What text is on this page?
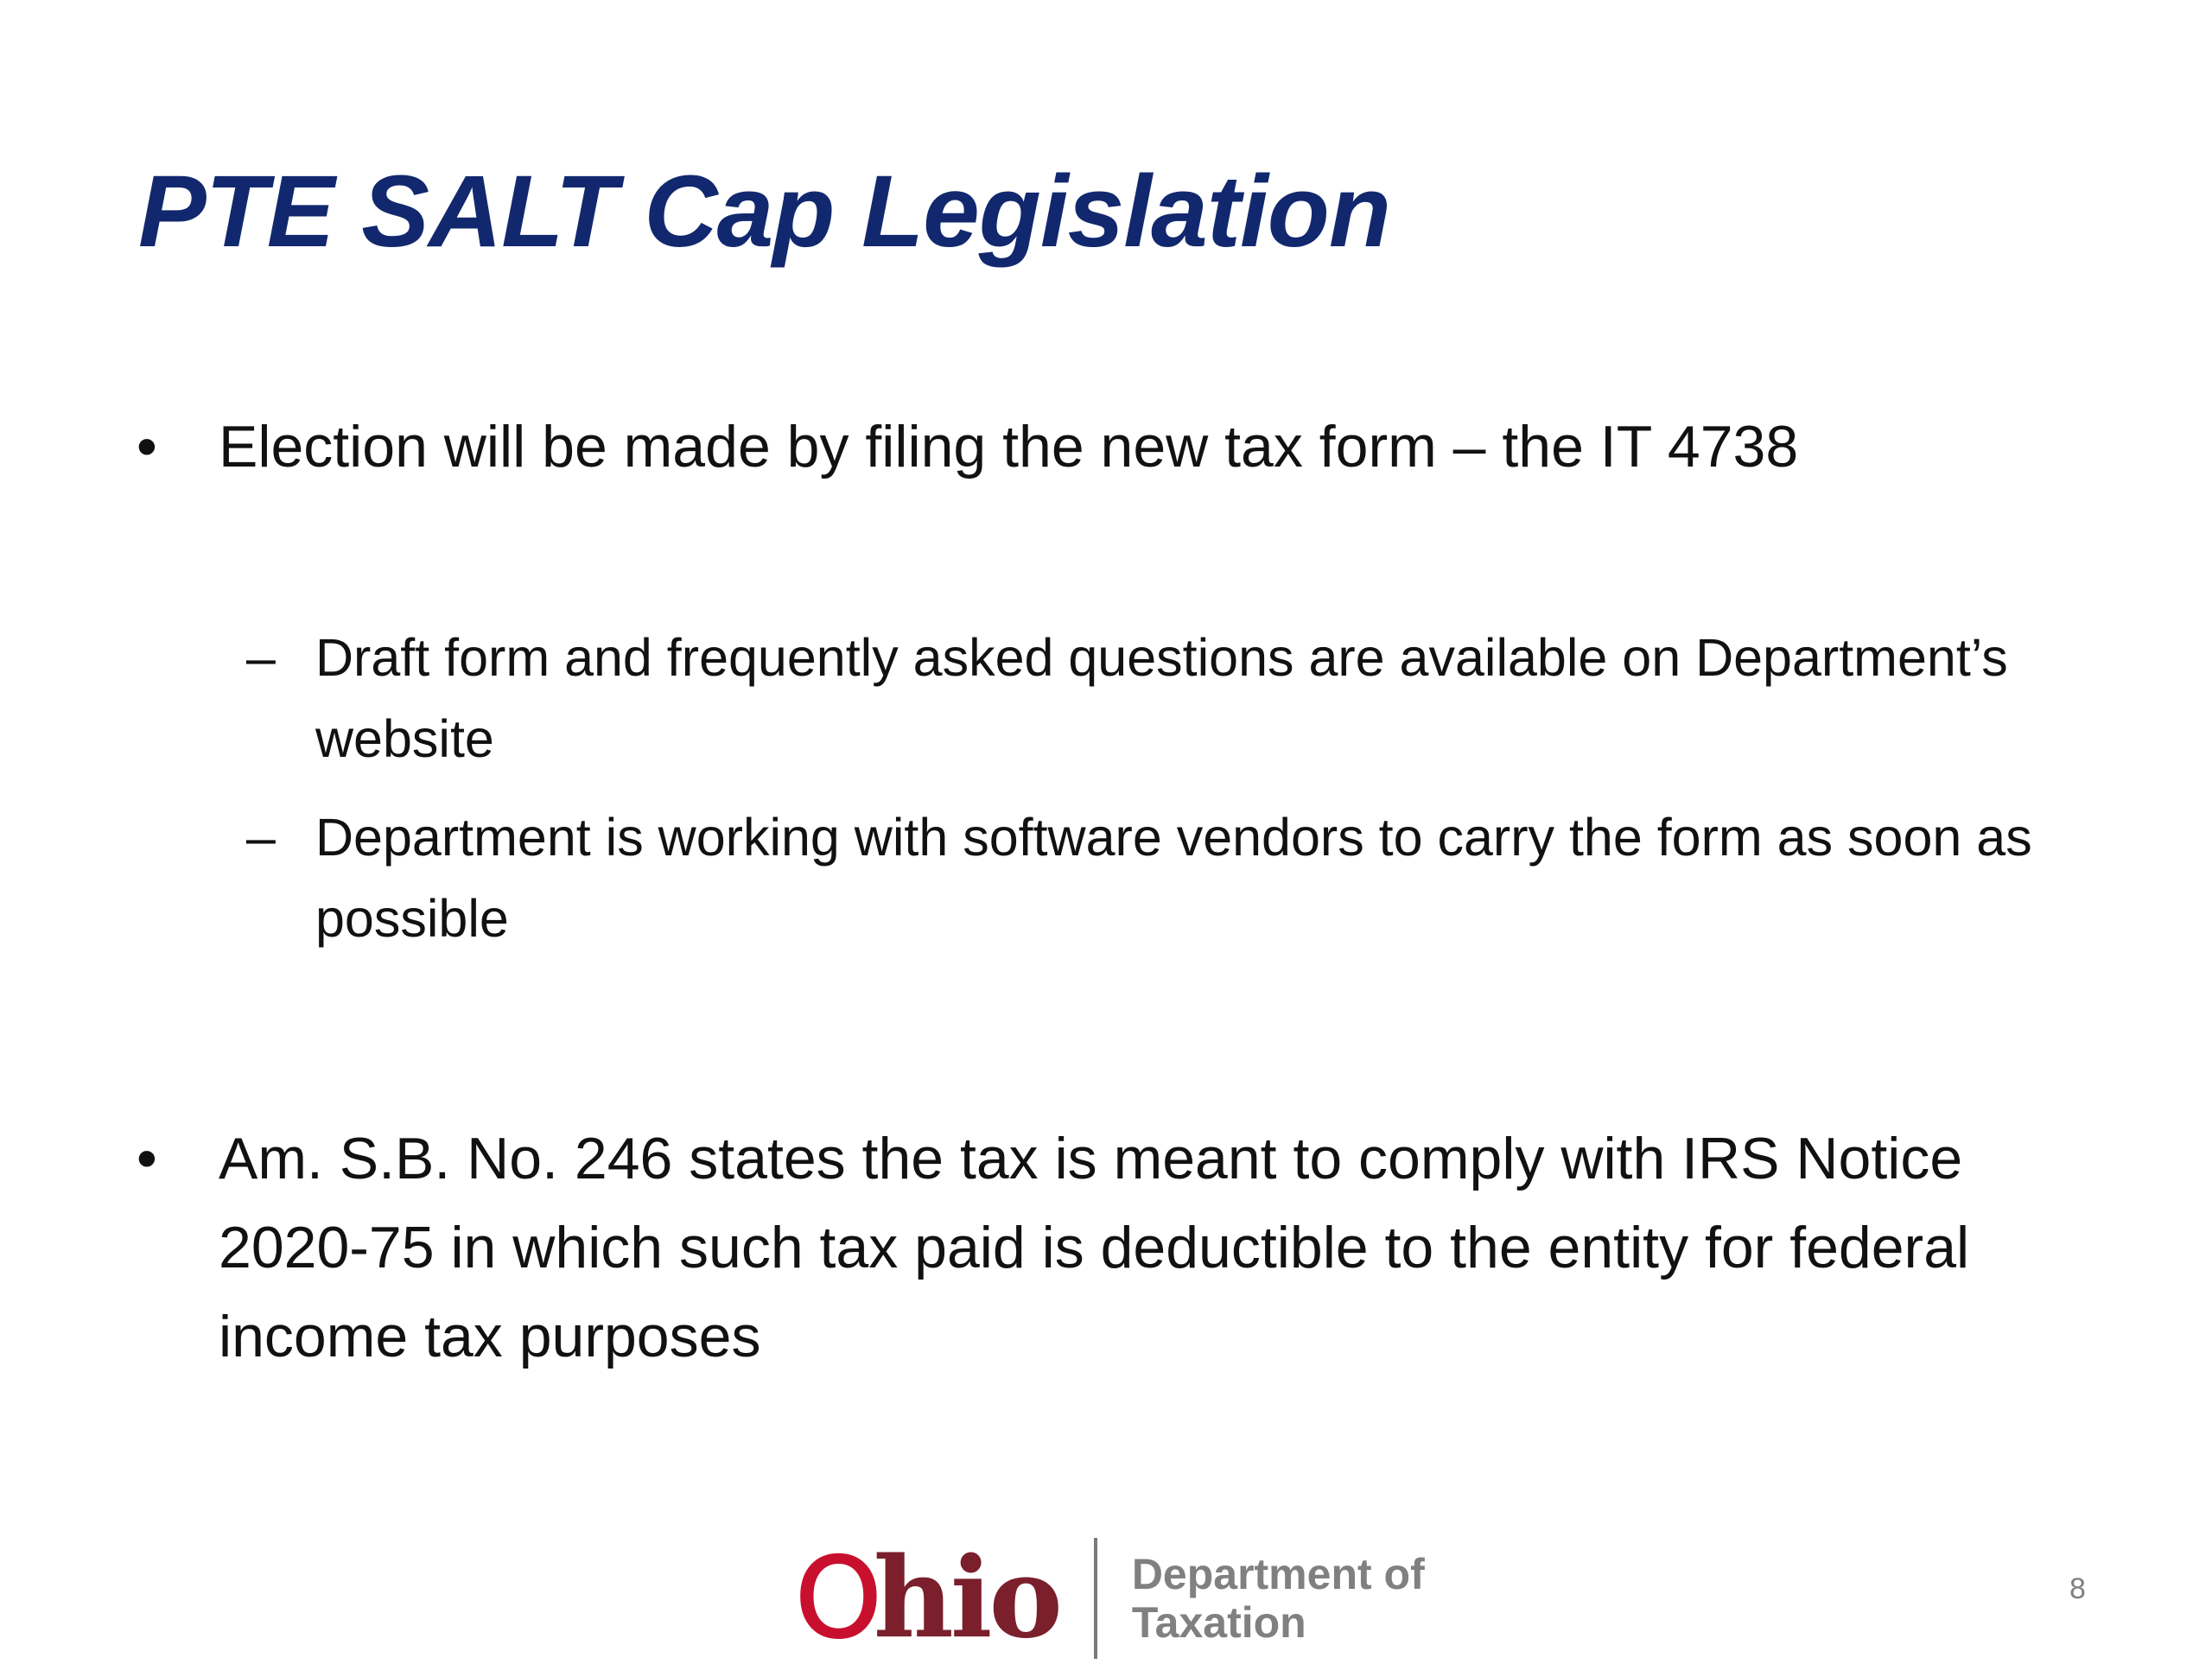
PTE SALT Cap Legislation
•	Election will be made by filing the new tax form – the IT 4738
– Draft form and frequently asked questions are available on Department’s website
– Department is working with software vendors to carry the form as soon as possible
•	Am. S.B. No. 246 states the tax is meant to comply with IRS Notice 2020-75 in which such tax paid is deductible to the entity for federal income tax purposes
Ohio Department of
Taxation
8
